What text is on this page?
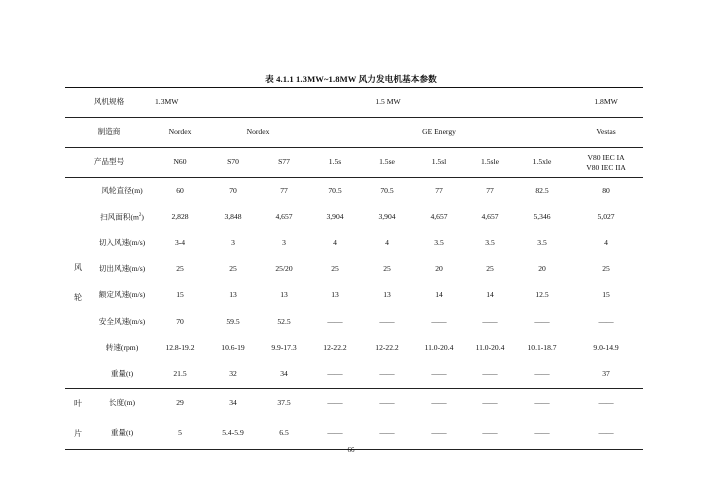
表 4.1.1 1.3MW~1.8MW 风力发电机基本参数
风机规格		1.3MW	1.5 MW							1.8MW
制造商		Nordex	Nordex		GE Energy					Vestas
产品型号		N60	S70	S77	1.5s	1.5se	1.5sl	1.5sle	1.5xle	V80 IEC IA
V80 IEC IIA

风
轮	风轮直径(m)	60	70	77	70.5	70.5	77	77	82.5	80
	扫风面积$(m^2)$	2,828	3,848	4,657	3,904	3,904	4,657	4,657	5,346	5,027
	切入风速(m/s)	3-4	3	3	4	4	3.5	3.5	3.5	4
	切出风速(m/s)	25	25	25/20	25	25	20	25	20	25
	额定风速(m/s)	15	13	13	13	13	14	14	12.5	15
	安全风速(m/s)	70	59.5	52.5	——	——	——	——	——	——
	转速(rpm)	12.8-19.2	10.6-19	9.9-17.3	12-22.2	12-22.2	11.0-20.4	11.0-20.4	10.1-18.7	9.0-14.9
	重量(t)	21.5	32	34	——	——	——	——	——	37

叶
片	长度(m)	29	34	37.5	——	——	——	——	——	——
	重量(t)	5	5.4-5.9	6.5	——	——	——	——	——	——
66
